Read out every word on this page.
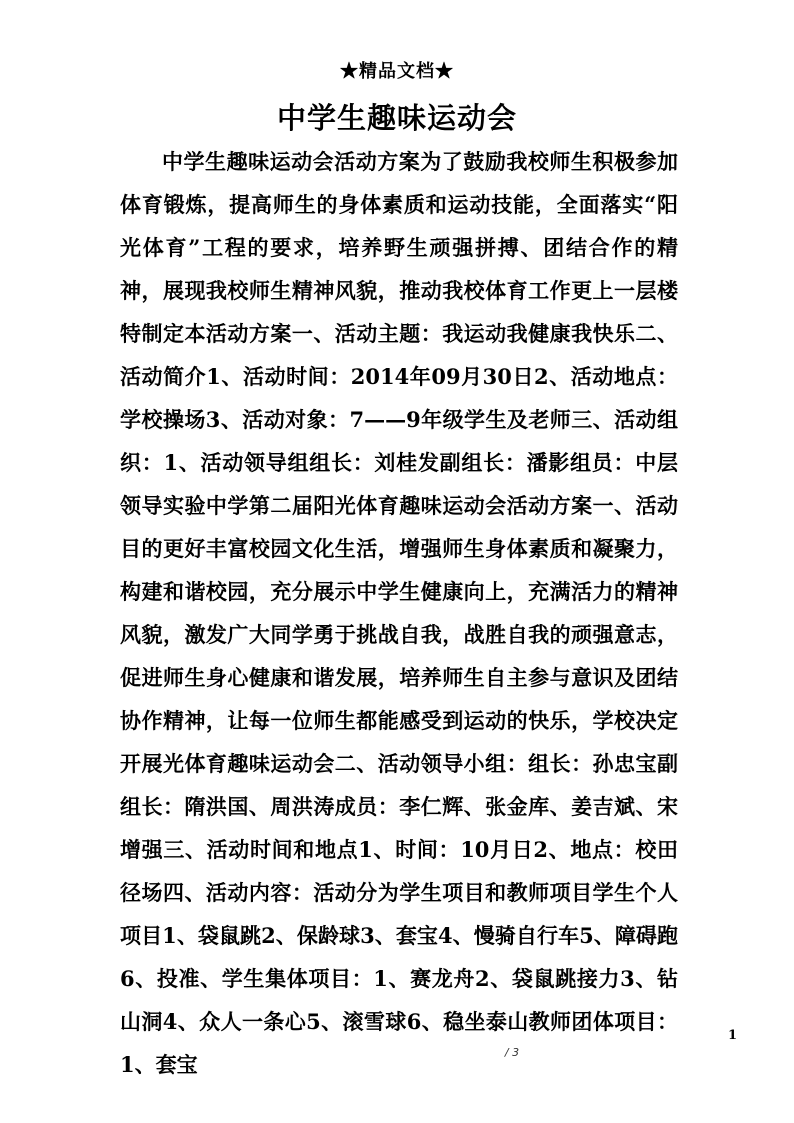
★精品文档★
中学生趣味运动会

中学生趣味运动会活动方案为了鼓励我校师生积极参加体育锻炼，提高师生的身体素质和运动技能，全面落实“阳光体育”工程的要求，培养野生顽强拼搏、团结合作的精神，展现我校师生精神风貌，推动我校体育工作更上一层楼特制定本活动方案一、活动主题：我运动我健康我快乐二、活动简介1、活动时间：2014年09月30日2、活动地点：学校操场3、活动对象：7——9年级学生及老师三、活动组织：1、活动领导组组长：刘桂发副组长：潘影组员：中层领导实验中学第二届阳光体育趣味运动会活动方案一、活动目的更好丰富校园文化生活，增强师生身体素质和凝聚力，构建和谐校园，充分展示中学生健康向上，充满活力的精神风貌，激发广大同学勇于挑战自我，战胜自我的顽强意志，促进师生身心健康和谐发展，培养师生自主参与意识及团结协作精神，让每一位师生都能感受到运动的快乐，学校决定开展光体育趣味运动会二、活动领导小组：组长：孙忠宝副组长：隋洪国、周洪涛成员：李仁辉、张金库、姜吉斌、宋增强三、活动时间和地点1、时间：10月日2、地点：校田径场四、活动内容：活动分为学生项目和教师项目学生个人项目1、袋鼠跳2、保龄球3、套宝4、慢骑自行车5、障碍跑6、投准、学生集体项目：1、赛龙舟2、袋鼠跳接力3、钻山洞4、众人一条心5、滚雪球6、稳坐泰山教师团体项目：1、套宝

1
/ 3
